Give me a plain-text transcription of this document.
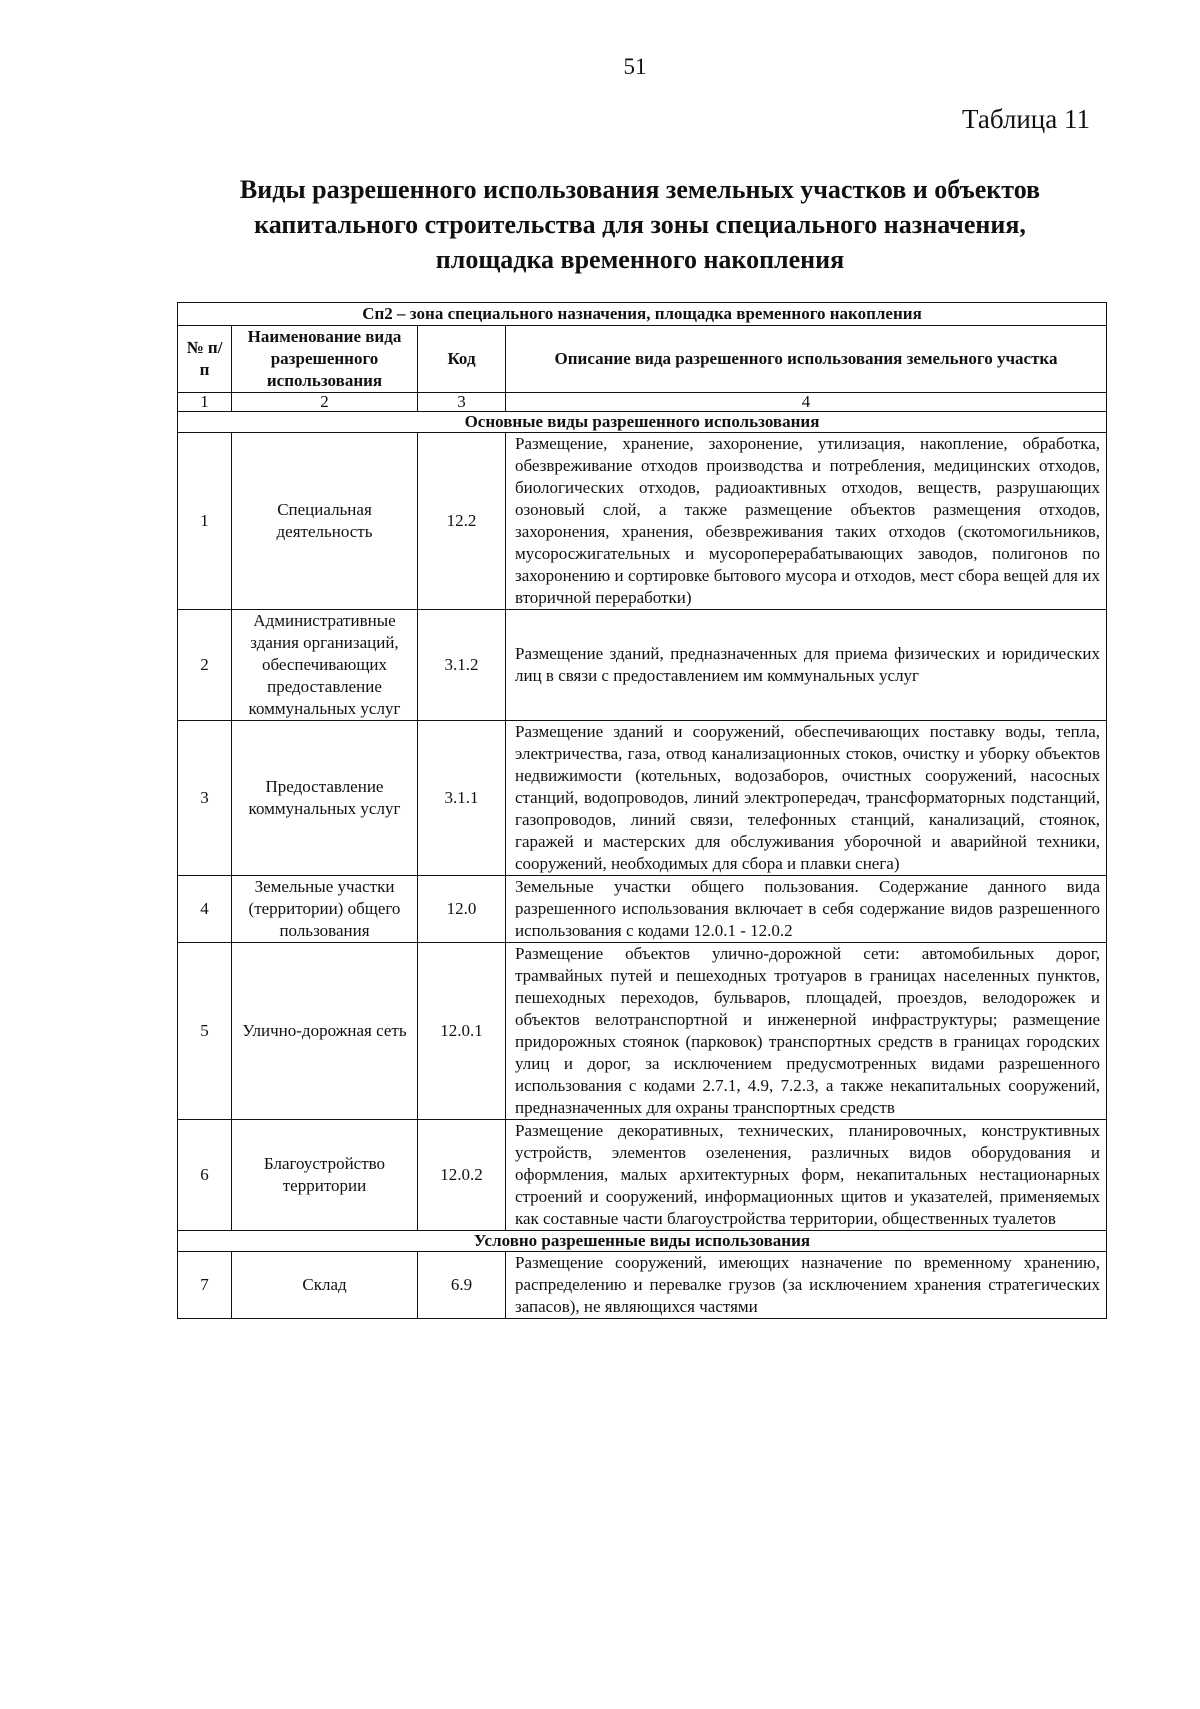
51
Таблица 11
Виды разрешенного использования земельных участков и объектов
капитального строительства для зоны специального назначения,
площадка временного накопления
Сп2 – зона специального назначения, площадка временного накопления			
№ п/п	Наименование вида разрешенного использования	Код	Описание вида разрешенного использования земельного участка
1	2	3	4
Основные виды разрешенного использования			
1	Специальная деятельность	12.2	Размещение, хранение, захоронение, утилизация, накопление, обработка, обезвреживание отходов производства и потребления, медицинских отходов, биологических отходов, радиоактивных отходов, веществ, разрушающих озоновый слой, а также размещение объектов размещения отходов, захоронения, хранения, обезвреживания таких отходов (скотомогильников, мусоросжигательных и мусороперерабатывающих заводов, полигонов по захоронению и сортировке бытового мусора и отходов, мест сбора вещей для их вторичной переработки)
2	Административные здания организаций, обеспечивающих предоставление коммунальных услуг	3.1.2	Размещение зданий, предназначенных для приема физических и юридических лиц в связи с предоставлением им коммунальных услуг
3	Предоставление коммунальных услуг	3.1.1	Размещение зданий и сооружений, обеспечивающих поставку воды, тепла, электричества, газа, отвод канализационных стоков, очистку и уборку объектов недвижимости (котельных, водозаборов, очистных сооружений, насосных станций, водопроводов, линий электропередач, трансформаторных подстанций, газопроводов, линий связи, телефонных станций, канализаций, стоянок, гаражей и мастерских для обслуживания уборочной и аварийной техники, сооружений, необходимых для сбора и плавки снега)
4	Земельные участки (территории) общего пользования	12.0	Земельные участки общего пользования. Содержание данного вида разрешенного использования включает в себя содержание видов разрешенного использования с кодами 12.0.1 - 12.0.2
5	Улично-дорожная сеть	12.0.1	Размещение объектов улично-дорожной сети: автомобильных дорог, трамвайных путей и пешеходных тротуаров в границах населенных пунктов, пешеходных переходов, бульваров, площадей, проездов, велодорожек и объектов велотранспортной и инженерной инфраструктуры; размещение придорожных стоянок (парковок) транспортных средств в границах городских улиц и дорог, за исключением предусмотренных видами разрешенного использования с кодами 2.7.1, 4.9, 7.2.3, а также некапитальных сооружений, предназначенных для охраны транспортных средств
6	Благоустройство территории	12.0.2	Размещение декоративных, технических, планировочных, конструктивных устройств, элементов озеленения, различных видов оборудования и оформления, малых архитектурных форм, некапитальных нестационарных строений и сооружений, информационных щитов и указателей, применяемых как составные части благоустройства территории, общественных туалетов
Условно разрешенные виды использования			
7	Склад	6.9	Размещение сооружений, имеющих назначение по временному хранению, распределению и перевалке грузов (за исключением хранения стратегических запасов), не являющихся частями
